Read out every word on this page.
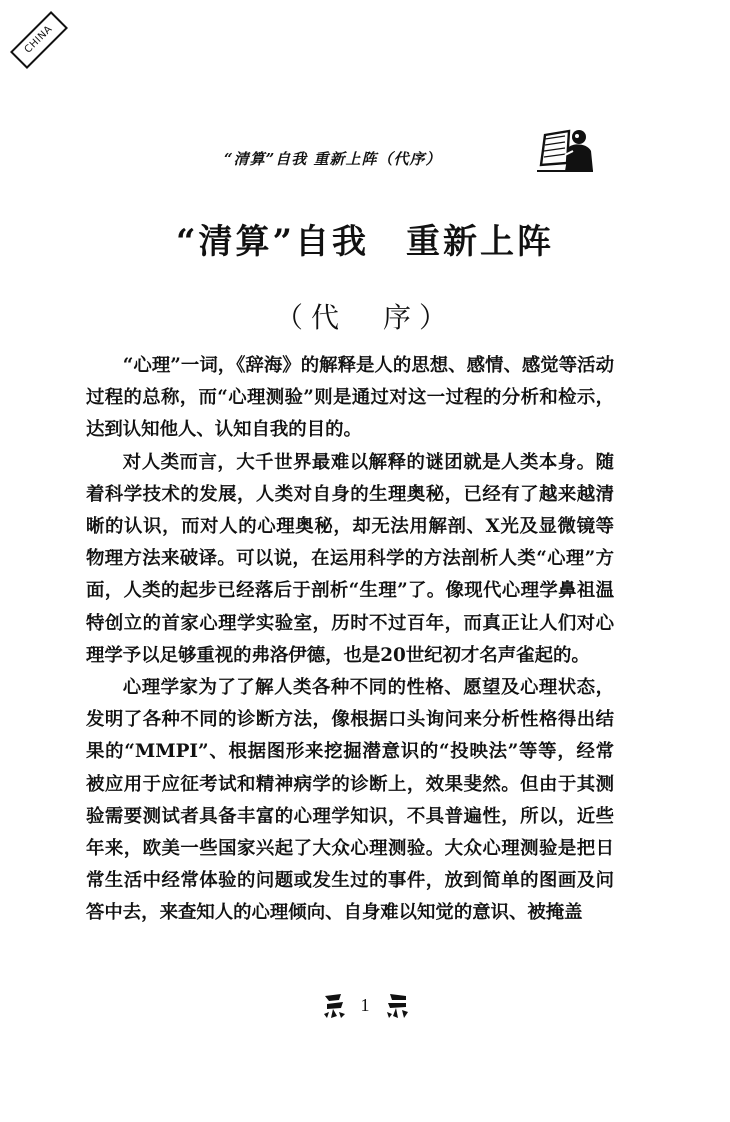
CHINA
“清算”自我 重新上阵（代序）
“清算”自我　重新上阵
（代　序）

“心理”一词，《辞海》的解释是人的思想、感情、感觉等活动过程的总称，而“心理测验”则是通过对这一过程的分析和检示，达到认知他人、认知自我的目的。

对人类而言，大千世界最难以解释的谜团就是人类本身。随着科学技术的发展，人类对自身的生理奥秘，已经有了越来越清晰的认识，而对人的心理奥秘，却无法用解剖、X光及显微镜等物理方法来破译。可以说，在运用科学的方法剖析人类“心理”方面，人类的起步已经落后于剖析“生理”了。像现代心理学鼻祖温特创立的首家心理学实验室，历时不过百年，而真正让人们对心理学予以足够重视的弗洛伊德，也是20世纪初才名声雀起的。

心理学家为了了解人类各种不同的性格、愿望及心理状态，发明了各种不同的诊断方法，像根据口头询问来分析性格得出结果的“MMPI”、根据图形来挖掘潜意识的“投映法”等等，经常被应用于应征考试和精神病学的诊断上，效果斐然。但由于其测验需要测试者具备丰富的心理学知识，不具普遍性，所以，近些年来，欧美一些国家兴起了大众心理测验。大众心理测验是把日常生活中经常体验的问题或发生过的事件，放到简单的图画及问答中去，来查知人的心理倾向、自身难以知觉的意识、被掩盖

1
